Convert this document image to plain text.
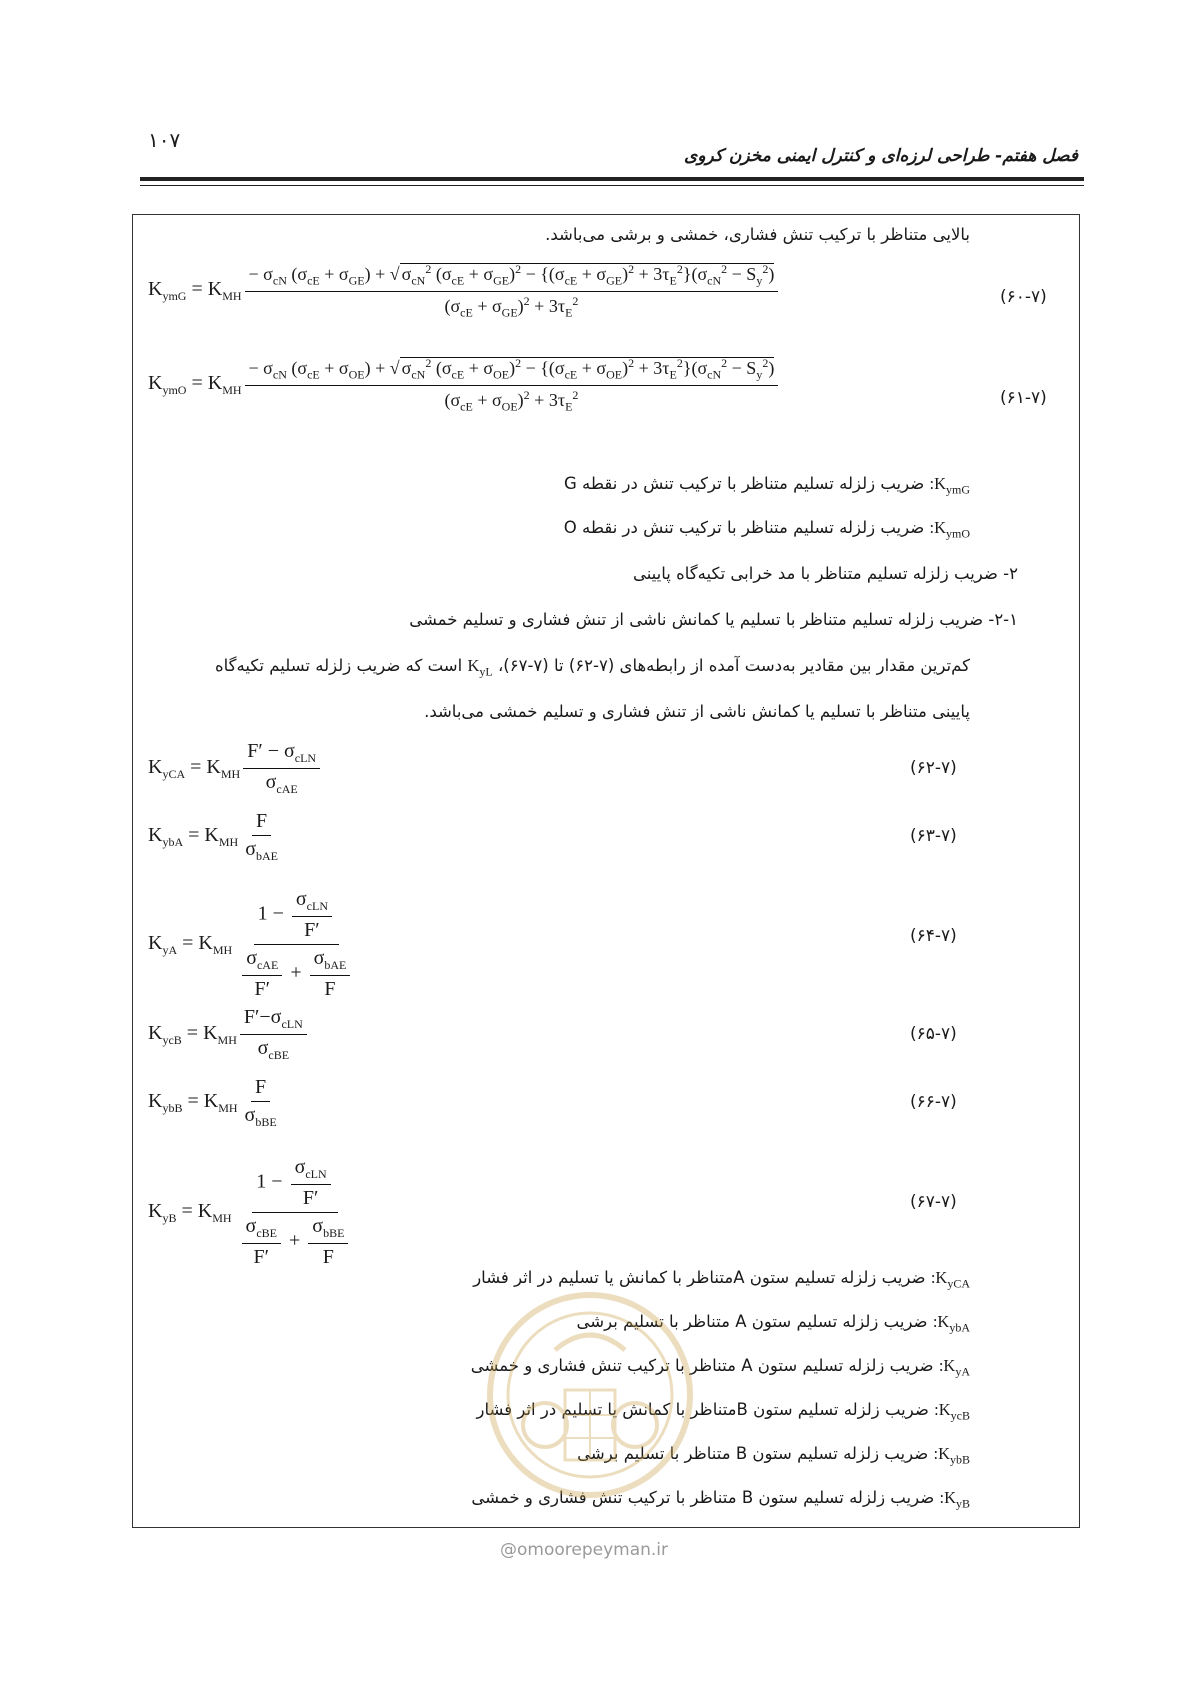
۱۰۷
فصل هفتم- طراحی لرزه‌ای و کنترل ایمنی مخزن کروی
بالایی متناظر با ترکیب تنش فشاری، خمشی و برشی می‌باشد.
$K_{ymG} = K_{MH}$
− $\sigma_{cN}$ $(\sigma_{cE} + \sigma_{GE})$ + √ $\sigma_{cN}^2$ $(\sigma_{cE} + \sigma_{GE})^2 - \{(\sigma_{cE} + \sigma_{GE})^2 + 3\tau_E^2\}(\sigma_{cN}^2 - S_y^2)$
$(\sigma_{cE} + \sigma_{GE})^2 + 3\tau_E^2$	(۶۰-۷)
$K_{ymO} = K_{MH}$
− $\sigma_{cN}$ $(\sigma_{cE} + \sigma_{OE})$ + √ $\sigma_{cN}^2$ $(\sigma_{cE} + \sigma_{OE})^2 - \{(\sigma_{cE} + \sigma_{OE})^2 + 3\tau_E^2\}(\sigma_{cN}^2 - S_y^2)$
$(\sigma_{cE} + \sigma_{OE})^2 + 3\tau_E^2$	(۶۱-۷)
$K_{ymG}$: ضریب زلزله تسلیم متناظر با ترکیب تنش در نقطه G
$K_{ymO}$: ضریب زلزله تسلیم متناظر با ترکیب تنش در نقطه O
۲- ضریب زلزله تسلیم متناظر با مد خرابی تکیه‌گاه پایینی
۲-۱- ضریب زلزله تسلیم متناظر با تسلیم یا کمانش ناشی از تنش فشاری و تسلیم خمشی
کم‌ترین مقدار بین مقادیر به‌دست آمده از رابطه‌های (۷-۶۲) تا (۷-۶۷)، $K_{yL}$ است که ضریب زلزله تسلیم تکیه‌گاه
پایینی متناظر با تسلیم یا کمانش ناشی از تنش فشاری و تسلیم خمشی می‌باشد.
$K_{yCA} = K_{MH} \frac{F' - \sigma_{cLN}}{\sigma_{cAE}}$	(۶۲-۷)
$K_{ybA} = K_{MH} \frac{F}{\sigma_{bAE}}$	(۶۳-۷)
$K_{yA} = K_{MH} \frac{1 - \frac{\sigma_{cLN}}{F'}}{\frac{\sigma_{cAE}}{F'} + \frac{\sigma_{bAE}}{F}}$	(۶۴-۷)
$K_{ycB} = K_{MH} \frac{F'-\sigma_{cLN}}{\sigma_{cBE}}$	(۶۵-۷)
$K_{ybB} = K_{MH} \frac{F}{\sigma_{bBE}}$	(۶۶-۷)
$K_{yB} = K_{MH} \frac{1 - \frac{\sigma_{cLN}}{F'}}{\frac{\sigma_{cBE}}{F'} + \frac{\sigma_{bBE}}{F}}$	(۶۷-۷)
$K_{yCA}$: ضریب زلزله تسلیم ستون Aمتناظر با کمانش یا تسلیم در اثر فشار
$K_{ybA}$: ضریب زلزله تسلیم ستون A متناظر با تسلیم برشی
$K_{yA}$: ضریب زلزله تسلیم ستون A متناظر با ترکیب تنش فشاری و خمشی
$K_{ycB}$: ضریب زلزله تسلیم ستون Bمتناظر با کمانش یا تسلیم در اثر فشار
$K_{ybB}$: ضریب زلزله تسلیم ستون B متناظر با تسلیم برشی
$K_{yB}$: ضریب زلزله تسلیم ستون B متناظر با ترکیب تنش فشاری و خمشی
@omoorepeyman.ir
